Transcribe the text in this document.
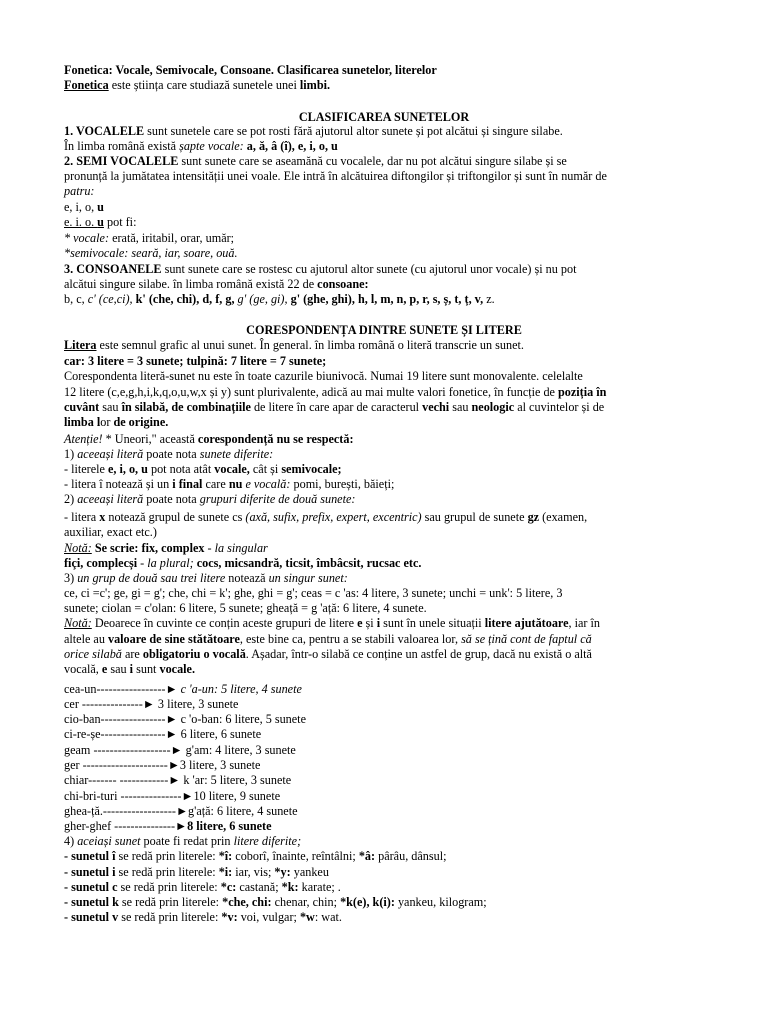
Fonetica: Vocale, Semivocale, Consoane. Clasificarea sunetelor, literelor
Fonetica este știința care studiază sunetele unei limbi.
CLASIFICAREA SUNETELOR
1. VOCALELE sunt sunetele care se pot rosti fără ajutorul altor sunete și pot alcătui și singure silabe.
În limba română există șapte vocale: a, ă, â (î), e, i, o, u
2. SEMI VOCALELE sunt sunete care se aseamănă cu vocalele, dar nu pot alcătui singure silabe și se
pronunță la jumătatea intensității unei voale. Ele intră în alcătuirea diftongilor și triftongilor și sunt în număr de
patru:
e, i, o, u
e. i. o. u pot fi:
* vocale: erată, iritabil, orar, umăr;
*semivocale: seară, iar, soare, ouă.
3. CONSOANELE sunt sunete care se rostesc cu ajutorul altor sunete (cu ajutorul unor vocale) și nu pot
alcătui singure silabe. în limba română există 22 de consoane:
b, c, c' (ce,ci), k' (che, chi), d, f, g, g' (ge, gi), g' (ghe, ghi), h, l, m, n, p, r, s, ș, t, ț, v, z.
CORESPONDENȚA DINTRE SUNETE ȘI LITERE
Litera este semnul grafic al unui sunet. În general. în limba română o literă transcrie un sunet.
car: 3 litere = 3 sunete; tulpină: 7 litere = 7 sunete;
Corespondenta literă-sunet nu este în toate cazurile biunivocă. Numai 19 litere sunt monovalente. celelalte
12 litere (c,e,g,h,i,k,q,o,u,w,x și y) sunt plurivalente, adică au mai multe valori fonetice, în funcție de poziția în
cuvânt sau în silabă, de combinațiile de litere în care apar de caracterul vechi sau neologic al cuvintelor și de
limba lor de origine.
Atenție! * Uneori," această corespondență nu se respectă:
1) aceeași literă poate nota sunete diferite:
- literele e, i, o, u pot nota atât vocale, cât și semivocale;
- litera î notează și un i final care nu e vocală: pomi, burești, băieți;
2) aceeași literă poate nota grupuri diferite de două sunete:
- litera x notează grupul de sunete cs (axă, sufix, prefix, expert, excentric) sau grupul de sunete gz (examen,
auxiliar, exact etc.)
Notă: Se scrie: fix, complex - la singular
fiçi, complecși - la plural; cocs, micsandră, ticsit, îmbâcsit, rucsac etc.
3) un grup de două sau trei litere notează un singur sunet:
ce, ci =c'; ge, gi = g'; che, chi = k'; ghe, ghi = g'; ceas = c 'as: 4 litere, 3 sunete; unchi = unk': 5 litere, 3
sunete; ciolan = c'olan: 6 litere, 5 sunete; gheață = g 'ață: 6 litere, 4 sunete.
Notă: Deoarece în cuvinte ce conțin aceste grupuri de litere e și i sunt în unele situații litere ajutătoare, iar în
altele au valoare de sine stătătoare, este bine ca, pentru a se stabili valoarea lor, să se țină cont de faptul că
orice silabă are obligatoriu o vocală. Așadar, într-o silabă ce conține un astfel de grup, dacă nu există o altă
vocală, e sau i sunt vocale.
cea-un-----------------► c 'a-un: 5 litere, 4 sunete
cer ---------------► 3 litere, 3 sunete
cio-ban----------------► c 'o-ban: 6 litere, 5 sunete
ci-re-șe----------------► 6 litere, 6 sunete
geam -------------------► g'am: 4 litere, 3 sunete
ger ---------------------►3 litere, 3 sunete
chiar------- ------------► k 'ar: 5 litere, 3 sunete
chi-bri-turi ---------------►10 litere, 9 sunete
ghea-ță.------------------►g'ață: 6 litere, 4 sunete
gher-ghef ---------------►8 litere, 6 sunete
4) aceiași sunet poate fi redat prin litere diferite;
- sunetul î se redă prin literele: *î: coborî, înainte, reîntâlni; *â: pârâu, dânsul;
- sunetul i se redă prin literele: *i: iar, vis; *y: yankeu
- sunetul c se redă prin literele: *c: castană; *k: karate; .
- sunetul k se redă prin literele: *che, chi: chenar, chin; *k(e), k(i): yankeu, kilogram;
- sunetul v se redă prin literele: *v: voi, vulgar; *w: wat.
